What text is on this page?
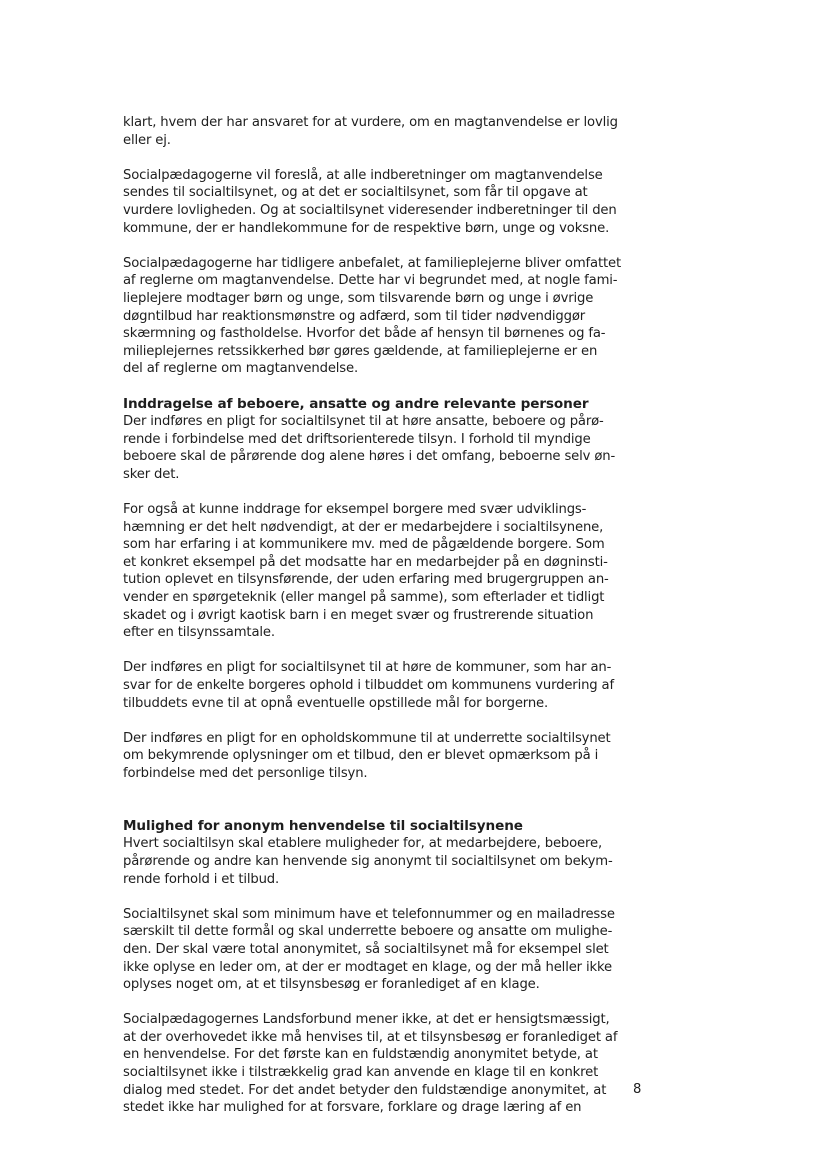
klart, hvem der har ansvaret for at vurdere, om en magtanvendelse er lovlig
eller ej.
Socialpædagogerne vil foreslå, at alle indberetninger om magtanvendelse
sendes til socialtilsynet, og at det er socialtilsynet, som får til opgave at
vurdere lovligheden. Og at socialtilsynet videresender indberetninger til den
kommune, der er handlekommune for de respektive børn, unge og voksne.
Socialpædagogerne har tidligere anbefalet, at familieplejerne bliver omfattet
af reglerne om magtanvendelse. Dette har vi begrundet med, at nogle fami-
lieplejere modtager børn og unge, som tilsvarende børn og unge i øvrige
døgntilbud har reaktionsmønstre og adfærd, som til tider nødvendiggør
skærmning og fastholdelse. Hvorfor det både af hensyn til børnenes og fa-
milieplejernes retssikkerhed bør gøres gældende, at familieplejerne er en
del af reglerne om magtanvendelse.
Inddragelse af beboere, ansatte og andre relevante personer
Der indføres en pligt for socialtilsynet til at høre ansatte, beboere og pårø-
rende i forbindelse med det driftsorienterede tilsyn. I forhold til myndige
beboere skal de pårørende dog alene høres i det omfang, beboerne selv øn-
sker det.
For også at kunne inddrage for eksempel borgere med svær udviklings-
hæmning er det helt nødvendigt, at der er medarbejdere i socialtilsynene,
som har erfaring i at kommunikere mv. med de pågældende borgere. Som
et konkret eksempel på det modsatte har en medarbejder på en døgninsti-
tution oplevet en tilsynsførende, der uden erfaring med brugergruppen an-
vender en spørgeteknik (eller mangel på samme), som efterlader et tidligt
skadet og i øvrigt kaotisk barn i en meget svær og frustrerende situation
efter en tilsynssamtale.
Der indføres en pligt for socialtilsynet til at høre de kommuner, som har an-
svar for de enkelte borgeres ophold i tilbuddet om kommunens vurdering af
tilbuddets evne til at opnå eventuelle opstillede mål for borgerne.
Der indføres en pligt for en opholdskommune til at underrette socialtilsynet
om bekymrende oplysninger om et tilbud, den er blevet opmærksom på i
forbindelse med det personlige tilsyn.
Mulighed for anonym henvendelse til socialtilsynene
Hvert socialtilsyn skal etablere muligheder for, at medarbejdere, beboere,
pårørende og andre kan henvende sig anonymt til socialtilsynet om bekym-
rende forhold i et tilbud.
Socialtilsynet skal som minimum have et telefonnummer og en mailadresse
særskilt til dette formål og skal underrette beboere og ansatte om mulighe-
den. Der skal være total anonymitet, så socialtilsynet må for eksempel slet
ikke oplyse en leder om, at der er modtaget en klage, og der må heller ikke
oplyses noget om, at et tilsynsbesøg er foranlediget af en klage.
Socialpædagogernes Landsforbund mener ikke, at det er hensigtsmæssigt,
at der overhovedet ikke må henvises til, at et tilsynsbesøg er foranlediget af
en henvendelse. For det første kan en fuldstændig anonymitet betyde, at
socialtilsynet ikke i tilstrækkelig grad kan anvende en klage til en konkret
dialog med stedet. For det andet betyder den fuldstændige anonymitet, at
stedet ikke har mulighed for at forsvare, forklare og drage læring af en
8
